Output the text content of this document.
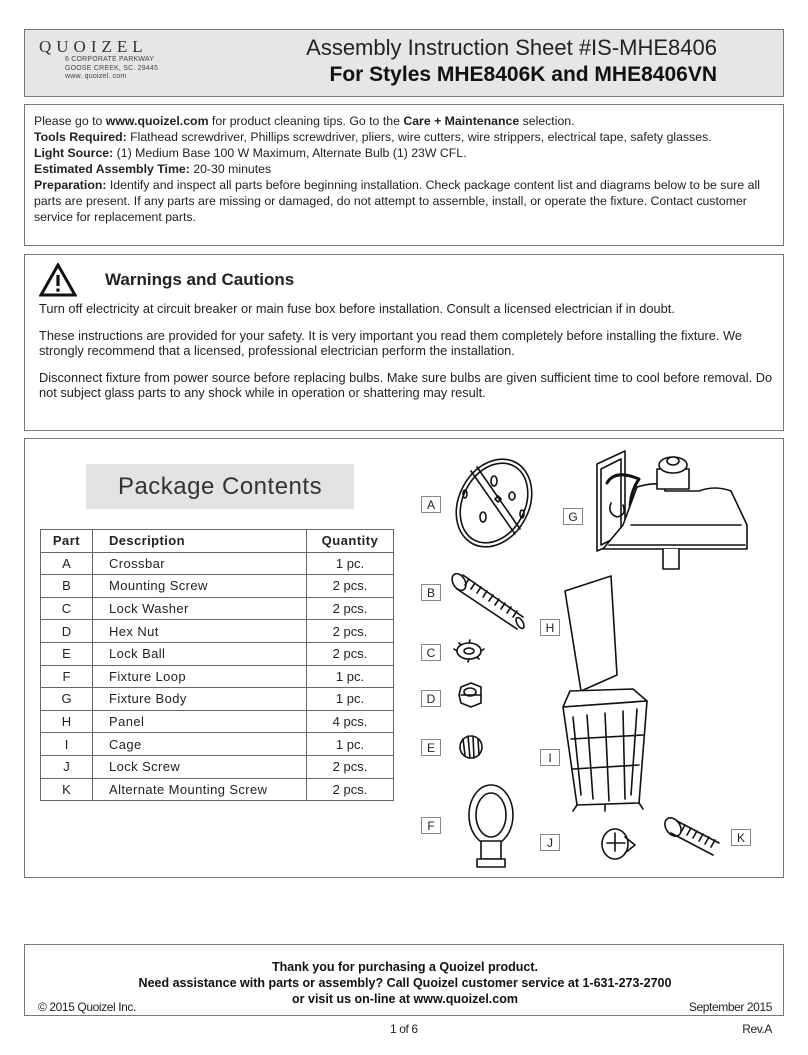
QUOIZEL
6 CORPORATE PARKWAY
GOOSE CREEK, SC. 29445
www. quoizel. com
Assembly Instruction Sheet #IS-MHE8406
For Styles MHE8406K and MHE8406VN

Please go to www.quoizel.com for product cleaning tips. Go to the Care + Maintenance selection.

Tools Required: Flathead screwdriver, Phillips screwdriver, pliers, wire cutters, wire strippers, electrical tape, safety glasses.

Light Source: (1) Medium Base 100 W Maximum, Alternate Bulb (1) 23W CFL.

Estimated Assembly Time: 20-30 minutes

Preparation: Identify and inspect all parts before beginning installation. Check package content list and diagrams below to be sure all parts are present. If any parts are missing or damaged, do not attempt to assemble, install, or operate the fixture. Contact customer service for replacement parts.

Warnings and Cautions

Turn off electricity at circuit breaker or main fuse box before installation. Consult a licensed electrician if in doubt.

These instructions are provided for your safety. It is very important you read them completely before installing the fixture. We strongly recommend that a licensed, professional electrician perform the installation.

Disconnect fixture from power source before replacing bulbs. Make sure bulbs are given sufficient time to cool before removal. Do not subject glass parts to any shock while in operation or shattering may result.

Package Contents
Part	Description	Quantity
A	Crossbar	1 pc.
B	Mounting Screw	2 pcs.
C	Lock Washer	2 pcs.
D	Hex Nut	2 pcs.
E	Lock Ball	2 pcs.
F	Fixture Loop	1 pc.
G	Fixture Body	1 pc.
H	Panel	4 pcs.
I	Cage	1 pc.
J	Lock Screw	2 pcs.
K	Alternate Mounting Screw	2 pcs.
A
G
B
H
C
D
E
I
F
J	K
Thank you for purchasing a Quoizel product.
Need assistance with parts or assembly? Call Quoizel customer service at 1-631-273-2700
or visit us on-line at www.quoizel.com
© 2015 Quoizel Inc.	September 2015
1 of 6	Rev.A
